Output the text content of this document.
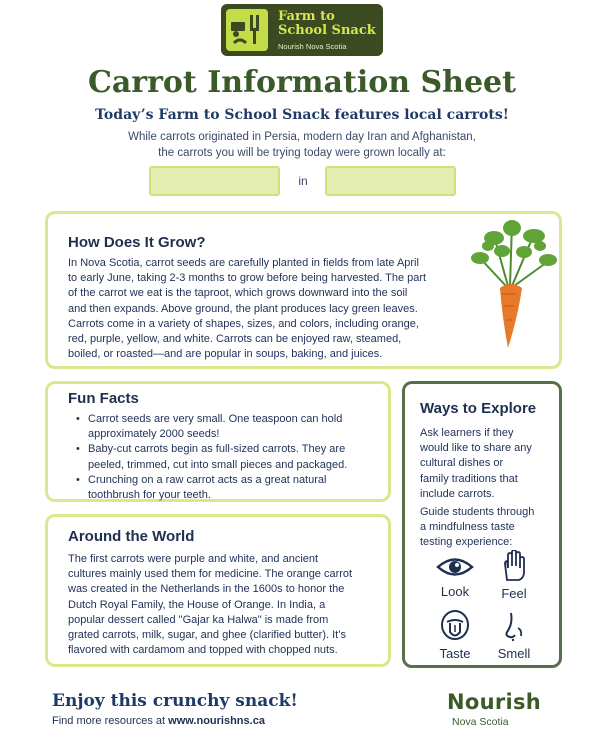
Farm to School Snack
Nourish Nova Scotia
Carrot Information Sheet
Today’s Farm to School Snack features local carrots!
While carrots originated in Persia, modern day Iran and Afghanistan,
the carrots you will be trying today were grown locally at:
in
How Does It Grow?
In Nova Scotia, carrot seeds are carefully planted in fields from late April
to early June, taking 2-3 months to grow before being harvested. The part
of the carrot we eat is the taproot, which grows downward into the soil
and then expands. Above ground, the plant produces lacy green leaves.
Carrots come in a variety of shapes, sizes, and colors, including orange,
red, purple, yellow, and white. Carrots can be enjoyed raw, steamed,
boiled, or roasted—and are popular in soups, baking, and juices.
Fun Facts
• Carrot seeds are very small. One teaspoon can hold
approximately 2000 seeds!
• Baby-cut carrots begin as full-sized carrots. They are
peeled, trimmed, cut into small pieces and packaged.
• Crunching on a raw carrot acts as a great natural
toothbrush for your teeth.
Around the World
The first carrots were purple and white, and ancient
cultures mainly used them for medicine. The orange carrot
was created in the Netherlands in the 1600s to honor the
Dutch Royal Family, the House of Orange. In India, a
popular dessert called "Gajar ka Halwa" is made from
grated carrots, milk, sugar, and ghee (clarified butter). It’s
flavored with cardamom and topped with chopped nuts.
Ways to Explore
Ask learners if they
would like to share any
cultural dishes or
family traditions that
include carrots.
Guide students through
a mindfulness taste
testing experience:
Look	Feel
Taste	Smell
Enjoy this crunchy snack!
Find more resources at www.nourishns.ca
Nourish
Nova Scotia
